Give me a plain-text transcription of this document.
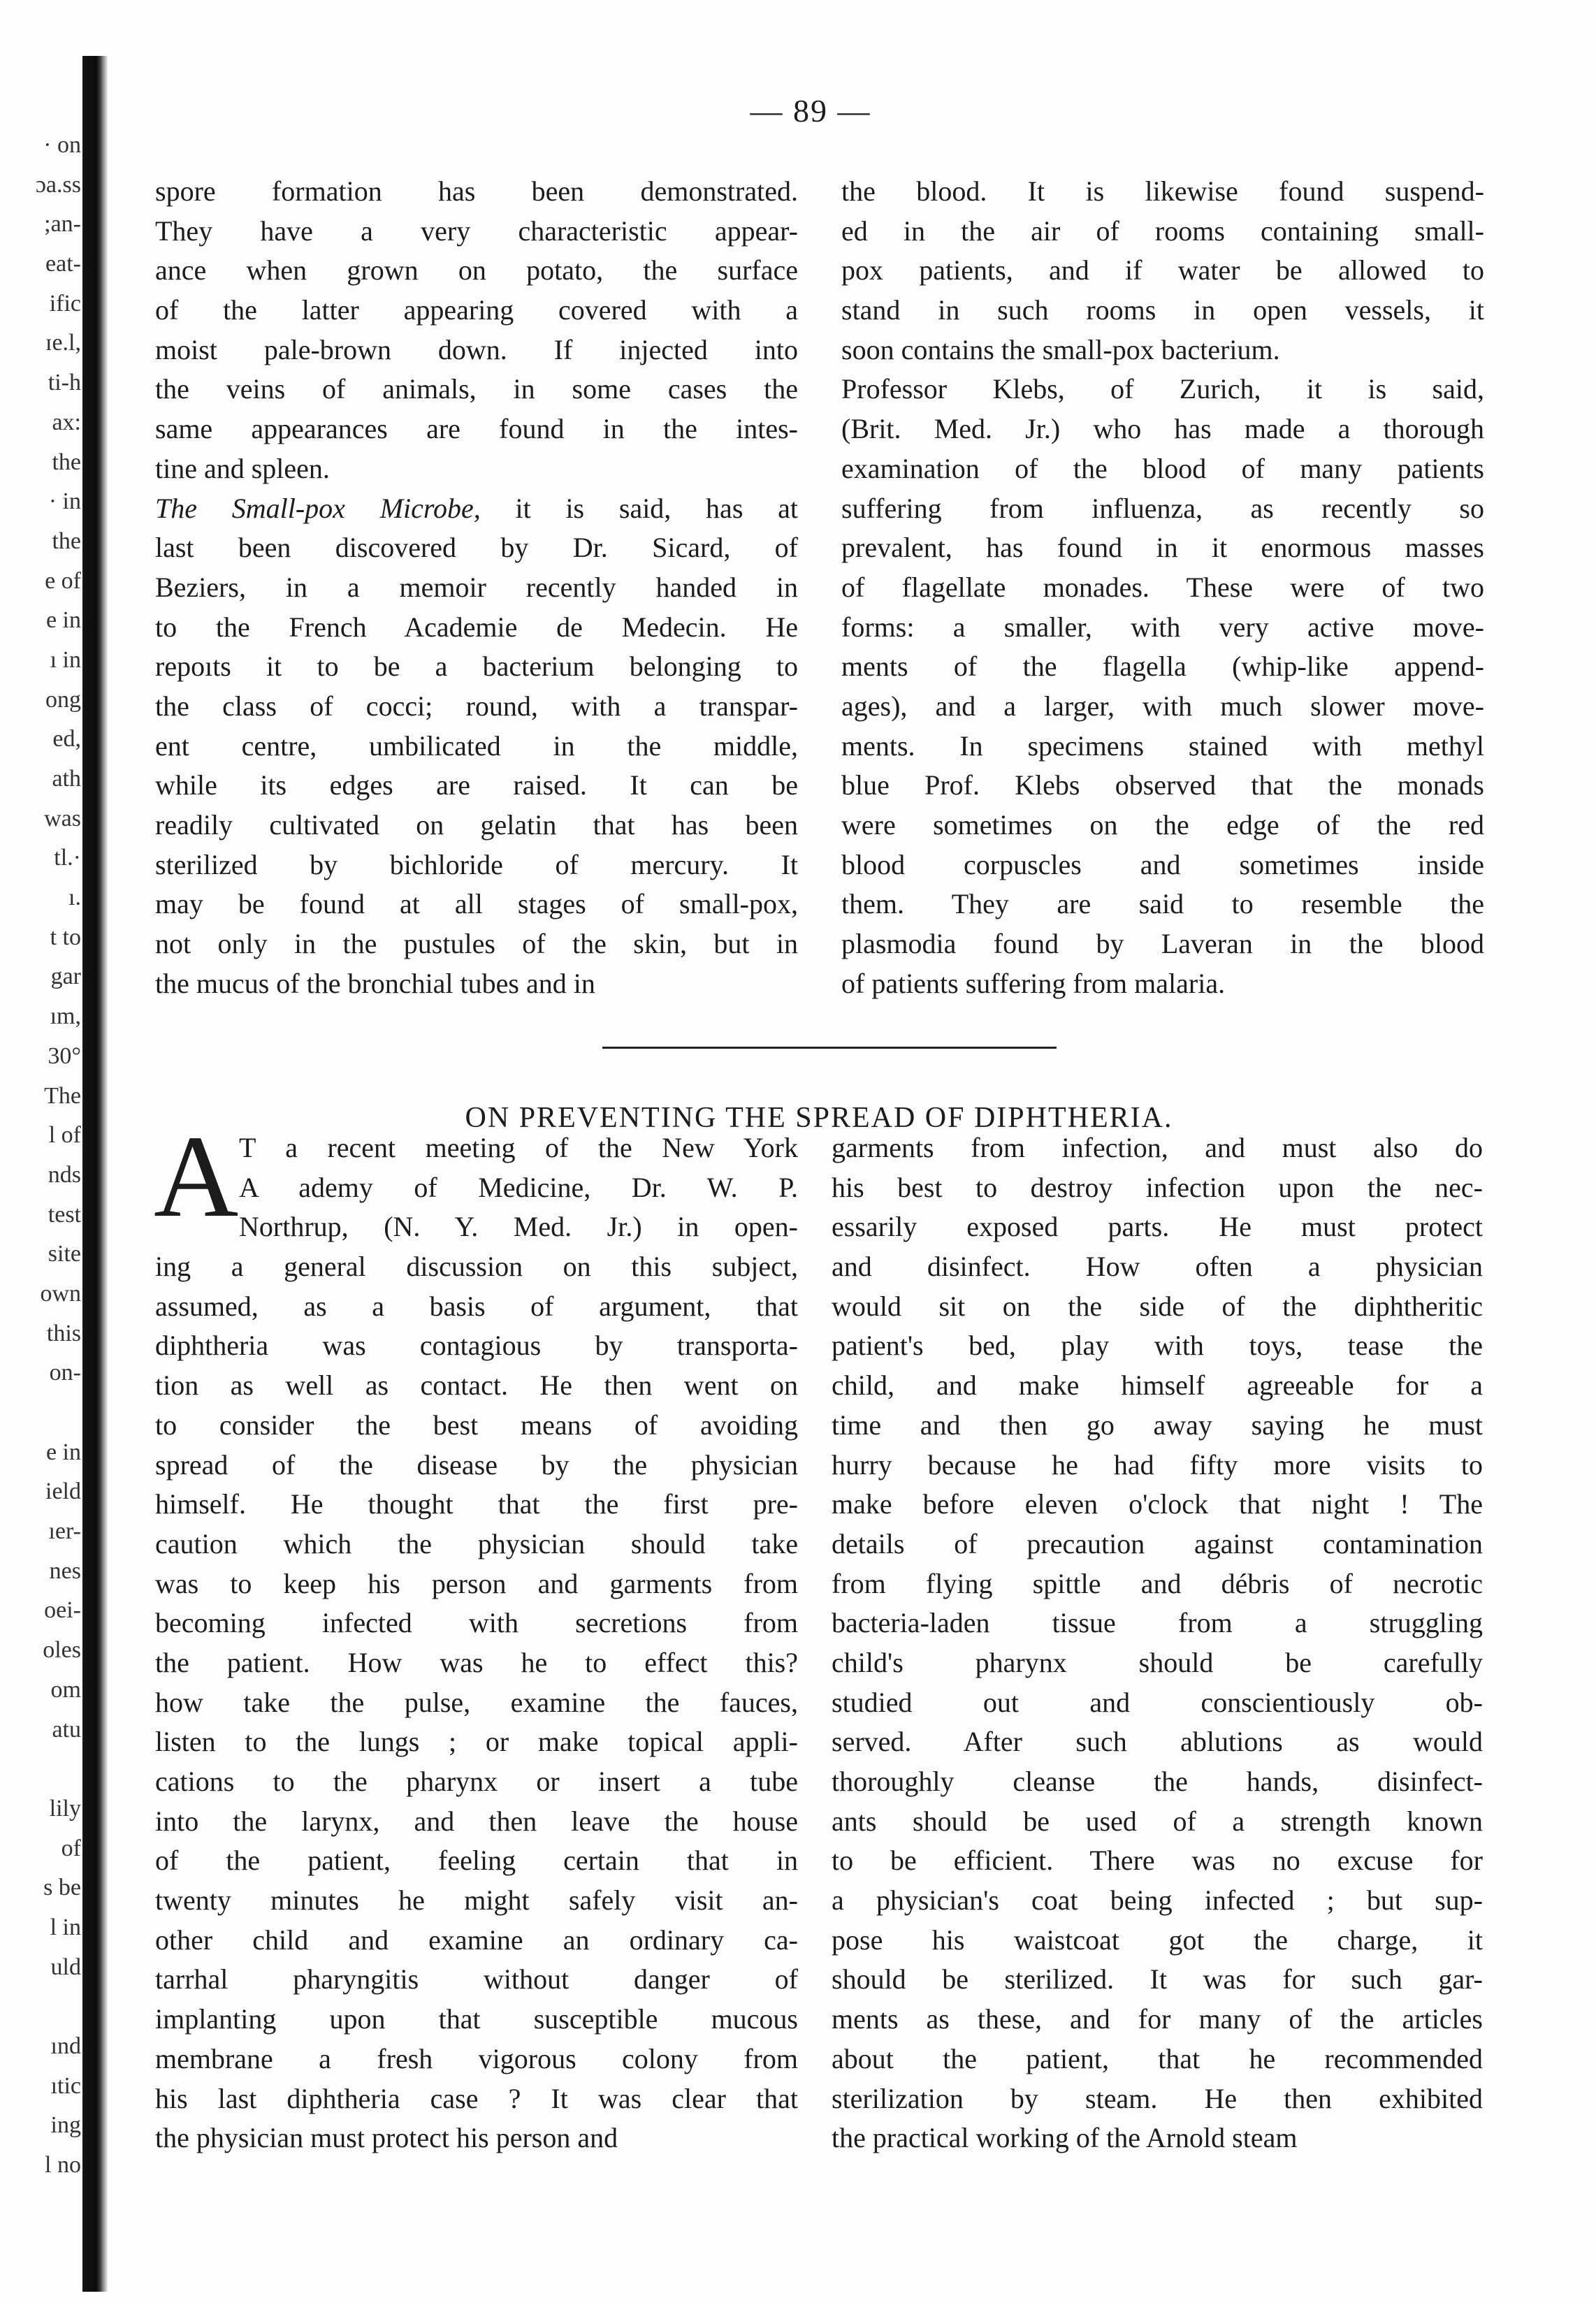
· on
ɔa.ss
;an-
eat-
ific
ɪe.l,
ti-h
ax:
the
· in
the
e of
e in
ı in
ong
ed,
ath
was
tl.·
ı.
t to
gar
ım,
30°
The
l of
nds
test
site
own
this
on-
e in
ield
ıer-
nes
oei-
oles
om
atu
lily
of
s be
l in
uld
ınd
ıtic
ing
l no
— 89 —
spore formation has been demonstrated.
They have a very characteristic appear-
ance when grown on potato, the surface
of the latter appearing covered with a
moist pale-brown down. If injected into
the veins of animals, in some cases the
same appearances are found in the intes-
tine and spleen.
The Small-pox Microbe, it is said, has at
last been discovered by Dr. Sicard, of
Beziers, in a memoir recently handed in
to the French Academie de Medecin. He
repoıts it to be a bacterium belonging to
the class of cocci; round, with a transpar-
ent centre, umbilicated in the middle,
while its edges are raised. It can be
readily cultivated on gelatin that has been
sterilized by bichloride of mercury. It
may be found at all stages of small-pox,
not only in the pustules of the skin, but in
the mucus of the bronchial tubes and in
the blood. It is likewise found suspend-
ed in the air of rooms containing small-
pox patients, and if water be allowed to
stand in such rooms in open vessels, it
soon contains the small-pox bacterium.
Professor Klebs, of Zurich, it is said,
(Brit. Med. Jr.) who has made a thorough
examination of the blood of many patients
suffering from influenza, as recently so
prevalent, has found in it enormous masses
of flagellate monades. These were of two
forms: a smaller, with very active move-
ments of the flagella (whip-like append-
ages), and a larger, with much slower move-
ments. In specimens stained with methyl
blue Prof. Klebs observed that the monads
were sometimes on the edge of the red
blood corpuscles and sometimes inside
them. They are said to resemble the
plasmodia found by Laveran in the blood
of patients suffering from malaria.
ON PREVENTING THE SPREAD OF DIPHTHERIA.
A T a recent meeting of the New York
A ademy of Medicine, Dr. W. P.
Northrup, (N. Y. Med. Jr.) in open-
ing a general discussion on this subject,
assumed, as a basis of argument, that
diphtheria was contagious by transporta-
tion as well as contact. He then went on
to consider the best means of avoiding
spread of the disease by the physician
himself. He thought that the first pre-
caution which the physician should take
was to keep his person and garments from
becoming infected with secretions from
the patient. How was he to effect this?
how take the pulse, examine the fauces,
listen to the lungs ; or make topical appli-
cations to the pharynx or insert a tube
into the larynx, and then leave the house
of the patient, feeling certain that in
twenty minutes he might safely visit an-
other child and examine an ordinary ca-
tarrhal pharyngitis without danger of
implanting upon that susceptible mucous
membrane a fresh vigorous colony from
his last diphtheria case ? It was clear that
the physician must protect his person and
garments from infection, and must also do
his best to destroy infection upon the nec-
essarily exposed parts. He must protect
and disinfect. How often a physician
would sit on the side of the diphtheritic
patient's bed, play with toys, tease the
child, and make himself agreeable for a
time and then go away saying he must
hurry because he had fifty more visits to
make before eleven o'clock that night ! The
details of precaution against contamination
from flying spittle and débris of necrotic
bacteria-laden tissue from a struggling
child's pharynx should be carefully
studied out and conscientiously ob-
served. After such ablutions as would
thoroughly cleanse the hands, disinfect-
ants should be used of a strength known
to be efficient. There was no excuse for
a physician's coat being infected ; but sup-
pose his waistcoat got the charge, it
should be sterilized. It was for such gar-
ments as these, and for many of the articles
about the patient, that he recommended
sterilization by steam. He then exhibited
the practical working of the Arnold steam
